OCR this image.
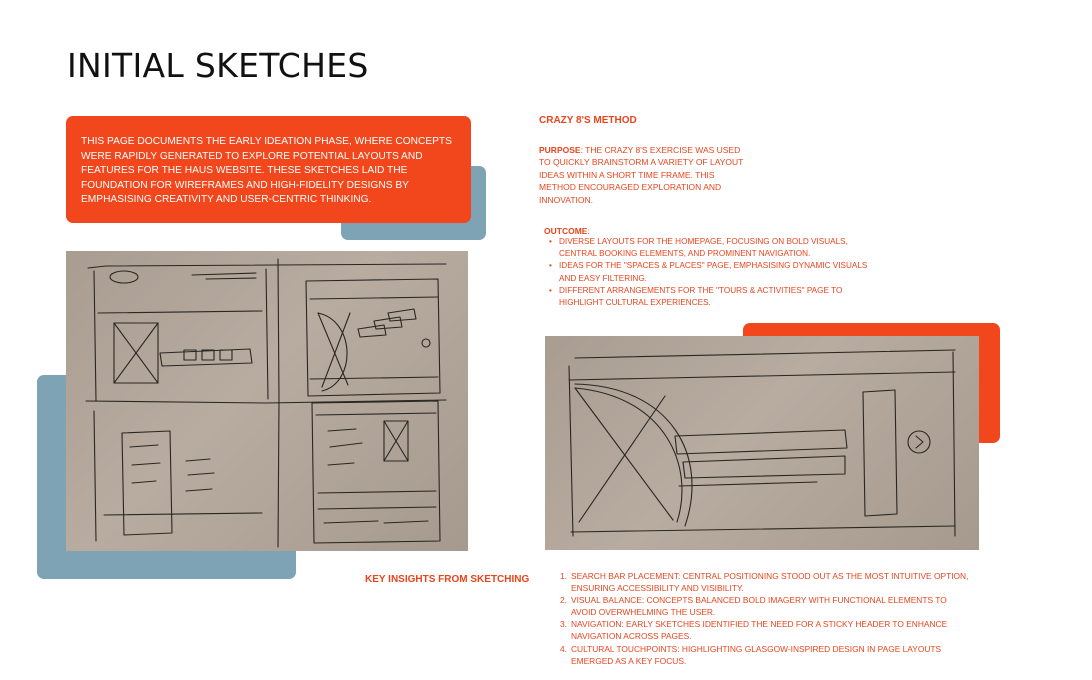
INITIAL SKETCHES
THIS PAGE DOCUMENTS THE EARLY IDEATION PHASE, WHERE CONCEPTS WERE RAPIDLY GENERATED TO EXPLORE POTENTIAL LAYOUTS AND FEATURES FOR THE HAUS WEBSITE. THESE SKETCHES LAID THE FOUNDATION FOR WIREFRAMES AND HIGH-FIDELITY DESIGNS BY EMPHASISING CREATIVITY AND USER-CENTRIC THINKING.

CRAZY 8'S METHOD

PURPOSE: THE CRAZY 8'S EXERCISE WAS USED TO QUICKLY BRAINSTORM A VARIETY OF LAYOUT IDEAS WITHIN A SHORT TIME FRAME. THIS METHOD ENCOURAGED EXPLORATION AND INNOVATION.

OUTCOME:

• DIVERSE LAYOUTS FOR THE HOMEPAGE, FOCUSING ON BOLD VISUALS, CENTRAL BOOKING ELEMENTS, AND PROMINENT NAVIGATION.
• IDEAS FOR THE "SPACES & PLACES" PAGE, EMPHASISING DYNAMIC VISUALS AND EASY FILTERING.
• DIFFERENT ARRANGEMENTS FOR THE "TOURS & ACTIVITIES" PAGE TO HIGHLIGHT CULTURAL EXPERIENCES.

KEY INSIGHTS FROM SKETCHING	1. SEARCH BAR PLACEMENT: CENTRAL POSITIONING STOOD OUT AS THE MOST INTUITIVE OPTION, ENSURING ACCESSIBILITY AND VISIBILITY.
2. VISUAL BALANCE: CONCEPTS BALANCED BOLD IMAGERY WITH FUNCTIONAL ELEMENTS TO AVOID OVERWHELMING THE USER.
3. NAVIGATION: EARLY SKETCHES IDENTIFIED THE NEED FOR A STICKY HEADER TO ENHANCE NAVIGATION ACROSS PAGES.
4. CULTURAL TOUCHPOINTS: HIGHLIGHTING GLASGOW-INSPIRED DESIGN IN PAGE LAYOUTS EMERGED AS A KEY FOCUS.
